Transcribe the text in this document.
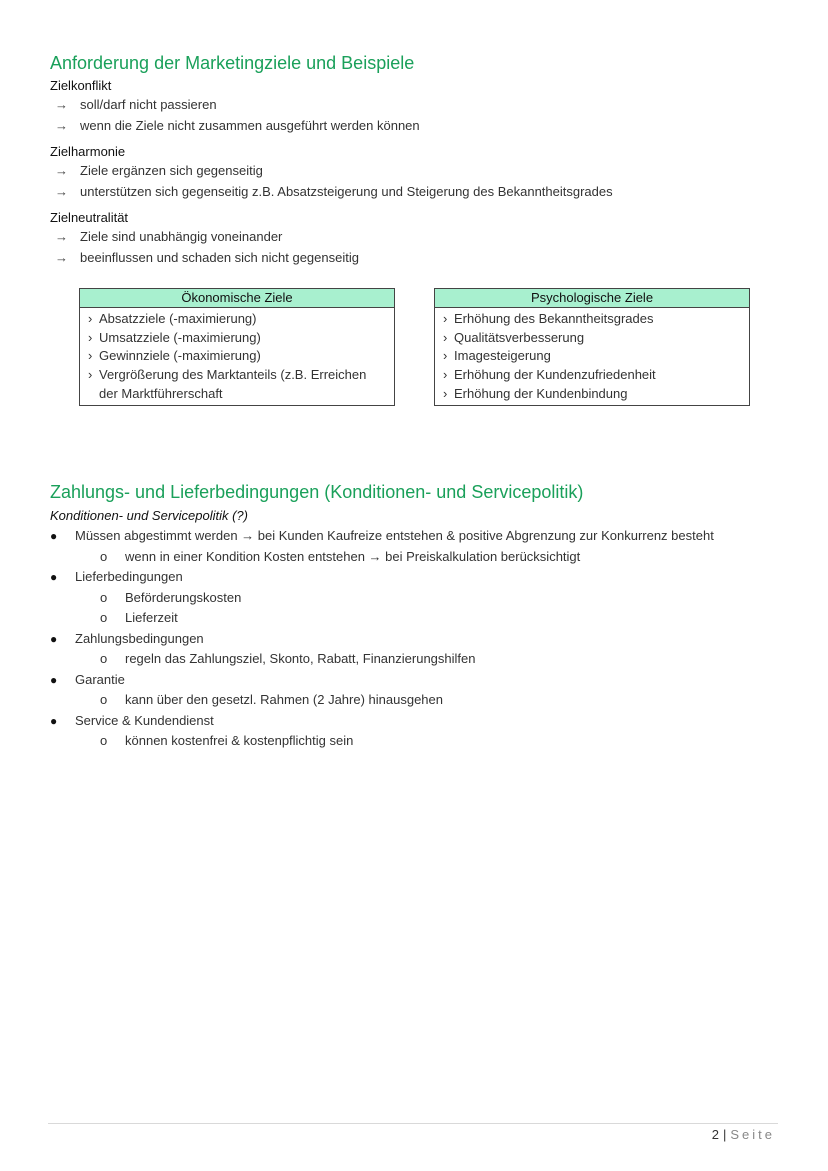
Anforderung der Marketingziele und Beispiele
Zielkonflikt
→ soll/darf nicht passieren
→ wenn die Ziele nicht zusammen ausgeführt werden können
Zielharmonie
→ Ziele ergänzen sich gegenseitig
→ unterstützen sich gegenseitig z.B. Absatzsteigerung und Steigerung des Bekanntheitsgrades
Zielneutralität
→ Ziele sind unabhängig voneinander
→ beeinflussen und schaden sich nicht gegenseitig
Ökonomische Ziele
› Absatzziele (-maximierung)
› Umsatzziele (-maximierung)
› Gewinnziele (-maximierung)
› Vergrößerung des Marktanteils (z.B. Erreichen der Marktführerschaft
Psychologische Ziele
› Erhöhung des Bekanntheitsgrades
› Qualitätsverbesserung
› Imagesteigerung
› Erhöhung der Kundenzufriedenheit
› Erhöhung der Kundenbindung
Zahlungs- und Lieferbedingungen (Konditionen- und Servicepolitik)
Konditionen- und Servicepolitik (?)
●	Müssen abgestimmt werden → bei Kunden Kaufreize entstehen & positive Abgrenzung zur Konkurrenz besteht
o	wenn in einer Kondition Kosten entstehen → bei Preiskalkulation berücksichtigt
●	Lieferbedingungen
o	Beförderungskosten
o	Lieferzeit
●	Zahlungsbedingungen
o	regeln das Zahlungsziel, Skonto, Rabatt, Finanzierungshilfen
●	Garantie
o	kann über den gesetzl. Rahmen (2 Jahre) hinausgehen
●	Service & Kundendienst
o	können kostenfrei & kostenpflichtig sein
2 | Seite
